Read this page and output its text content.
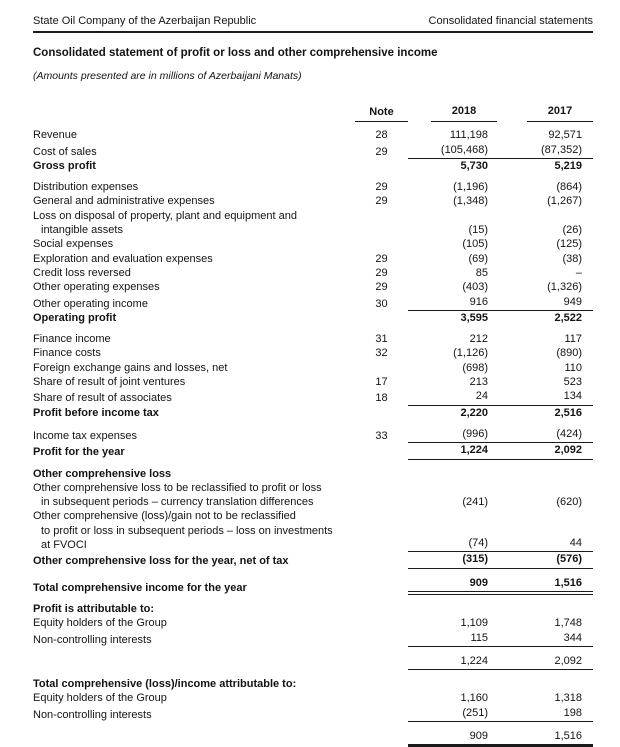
State Oil Company of the Azerbaijan Republic	Consolidated financial statements
Consolidated statement of profit or loss and other comprehensive income
(Amounts presented are in millions of Azerbaijani Manats)
Note	2018	2017
Revenue	28	111,198	92,571
Cost of sales	29	(105,468)	(87,352)
Gross profit	5,730	5,219
Distribution expenses	29	(1,196)	(864)
General and administrative expenses	29	(1,348)	(1,267)
Loss on disposal of property, plant and equipment and
intangible assets	(15)	(26)
Social expenses	(105)	(125)
Exploration and evaluation expenses	29	(69)	(38)
Credit loss reversed	29	85	–
Other operating expenses	29	(403)	(1,326)
Other operating income	30	916	949
Operating profit	3,595	2,522
Finance income	31	212	117
Finance costs	32	(1,126)	(890)
Foreign exchange gains and losses, net	(698)	110
Share of result of joint ventures	17	213	523
Share of result of associates	18	24	134
Profit before income tax	2,220	2,516
Income tax expenses	33	(996)	(424)
Profit for the year	1,224	2,092
Other comprehensive loss

Other comprehensive loss to be reclassified to profit or loss
in subsequent periods – currency translation differences	(241)	(620)
Other comprehensive (loss)/gain not to be reclassified
to profit or loss in subsequent periods – loss on investments
at FVOCI	(74)	44
Other comprehensive loss for the year, net of tax	(315)	(576)
Total comprehensive income for the year	909	1,516
Profit is attributable to:

Equity holders of the Group	1,109	1,748
Non-controlling interests	115	344
1,224	2,092
Total comprehensive (loss)/income attributable to:

Equity holders of the Group	1,160	1,318
Non-controlling interests	(251)	198
909	1,516
